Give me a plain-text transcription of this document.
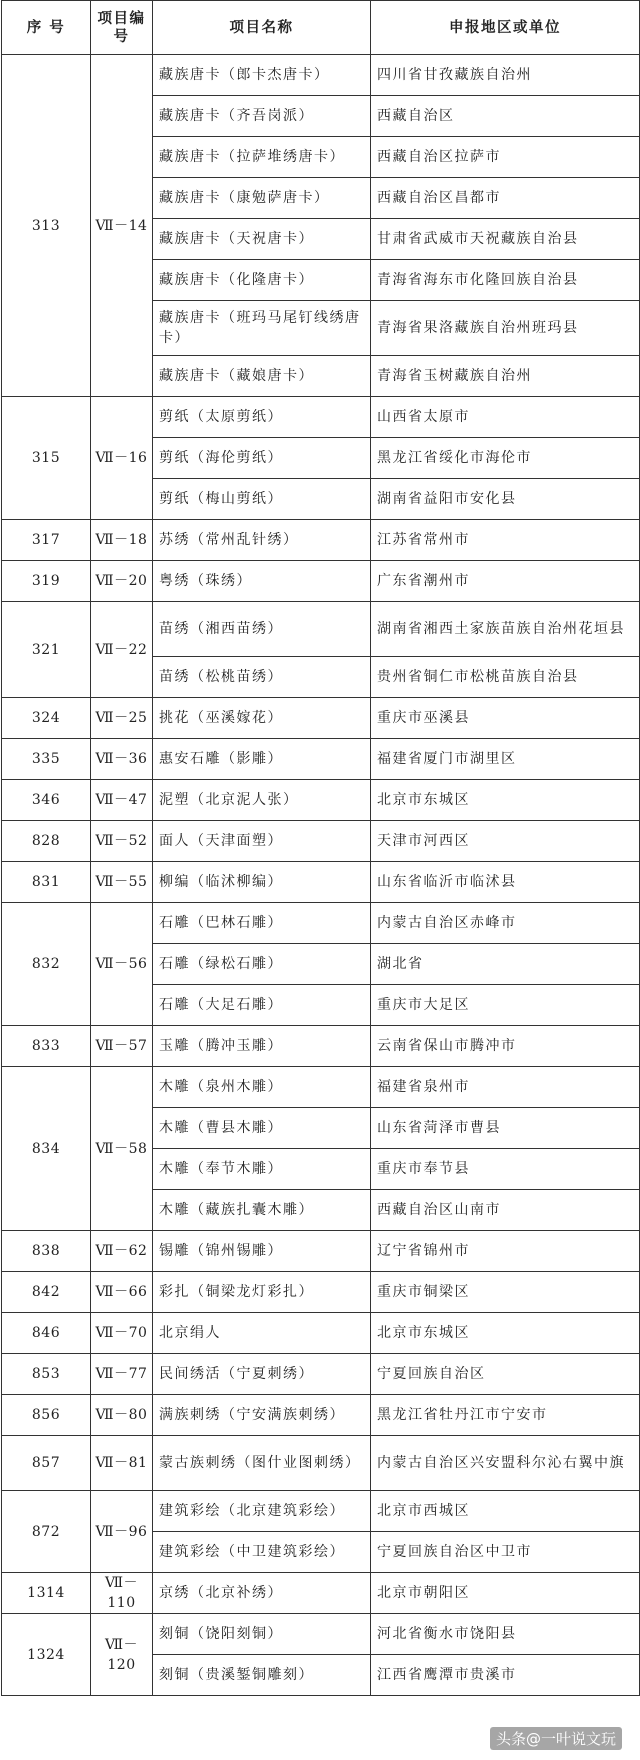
序 号	项目编号	项目名称	申报地区或单位
313	Ⅶ－14	藏族唐卡（郎卡杰唐卡）	四川省甘孜藏族自治州
		藏族唐卡（齐吾岗派）	西藏自治区
		藏族唐卡（拉萨堆绣唐卡）	西藏自治区拉萨市
		藏族唐卡（康勉萨唐卡）	西藏自治区昌都市
		藏族唐卡（天祝唐卡）	甘肃省武威市天祝藏族自治县
		藏族唐卡（化隆唐卡）	青海省海东市化隆回族自治县
		藏族唐卡（班玛马尾钉线绣唐卡）	青海省果洛藏族自治州班玛县
		藏族唐卡（藏娘唐卡）	青海省玉树藏族自治州
315	Ⅶ－16	剪纸（太原剪纸）	山西省太原市
		剪纸（海伦剪纸）	黑龙江省绥化市海伦市
		剪纸（梅山剪纸）	湖南省益阳市安化县
317	Ⅶ－18	苏绣（常州乱针绣）	江苏省常州市
319	Ⅶ－20	粤绣（珠绣）	广东省潮州市
321	Ⅶ－22	苗绣（湘西苗绣）	湖南省湘西土家族苗族自治州花垣县
		苗绣（松桃苗绣）	贵州省铜仁市松桃苗族自治县
324	Ⅶ－25	挑花（巫溪嫁花）	重庆市巫溪县
335	Ⅶ－36	惠安石雕（影雕）	福建省厦门市湖里区
346	Ⅶ－47	泥塑（北京泥人张）	北京市东城区
828	Ⅶ－52	面人（天津面塑）	天津市河西区
831	Ⅶ－55	柳编（临沭柳编）	山东省临沂市临沭县
832	Ⅶ－56	石雕（巴林石雕）	内蒙古自治区赤峰市
		石雕（绿松石雕）	湖北省
		石雕（大足石雕）	重庆市大足区
833	Ⅶ－57	玉雕（腾冲玉雕）	云南省保山市腾冲市
834	Ⅶ－58	木雕（泉州木雕）	福建省泉州市
		木雕（曹县木雕）	山东省菏泽市曹县
		木雕（奉节木雕）	重庆市奉节县
		木雕（藏族扎囊木雕）	西藏自治区山南市
838	Ⅶ－62	锡雕（锦州锡雕）	辽宁省锦州市
842	Ⅶ－66	彩扎（铜梁龙灯彩扎）	重庆市铜梁区
846	Ⅶ－70	北京绢人	北京市东城区
853	Ⅶ－77	民间绣活（宁夏刺绣）	宁夏回族自治区
856	Ⅶ－80	满族刺绣（宁安满族刺绣）	黑龙江省牡丹江市宁安市
857	Ⅶ－81	蒙古族刺绣（图什业图刺绣）	内蒙古自治区兴安盟科尔沁右翼中旗
872	Ⅶ－96	建筑彩绘（北京建筑彩绘）	北京市西城区
		建筑彩绘（中卫建筑彩绘）	宁夏回族自治区中卫市
1314	Ⅶ－110	京绣（北京补绣）	北京市朝阳区
1324	Ⅶ－120	刻铜（饶阳刻铜）	河北省衡水市饶阳县
		刻铜（贵溪錾铜雕刻）	江西省鹰潭市贵溪市
头条@一叶说文玩
